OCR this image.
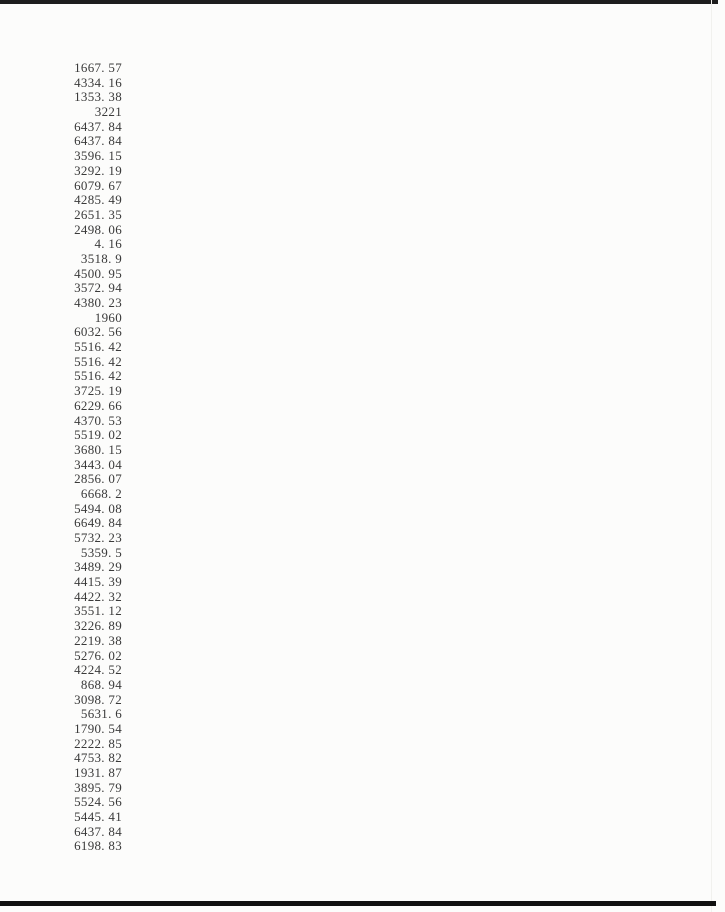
1667. 57
4334. 16
1353. 38
3221
6437. 84
6437. 84
3596. 15
3292. 19
6079. 67
4285. 49
2651. 35
2498. 06
4. 16
3518. 9
4500. 95
3572. 94
4380. 23
1960
6032. 56
5516. 42
5516. 42
5516. 42
3725. 19
6229. 66
4370. 53
5519. 02
3680. 15
3443. 04
2856. 07
6668. 2
5494. 08
6649. 84
5732. 23
5359. 5
3489. 29
4415. 39
4422. 32
3551. 12
3226. 89
2219. 38
5276. 02
4224. 52
868. 94
3098. 72
5631. 6
1790. 54
2222. 85
4753. 82
1931. 87
3895. 79
5524. 56
5445. 41
6437. 84
6198. 83
